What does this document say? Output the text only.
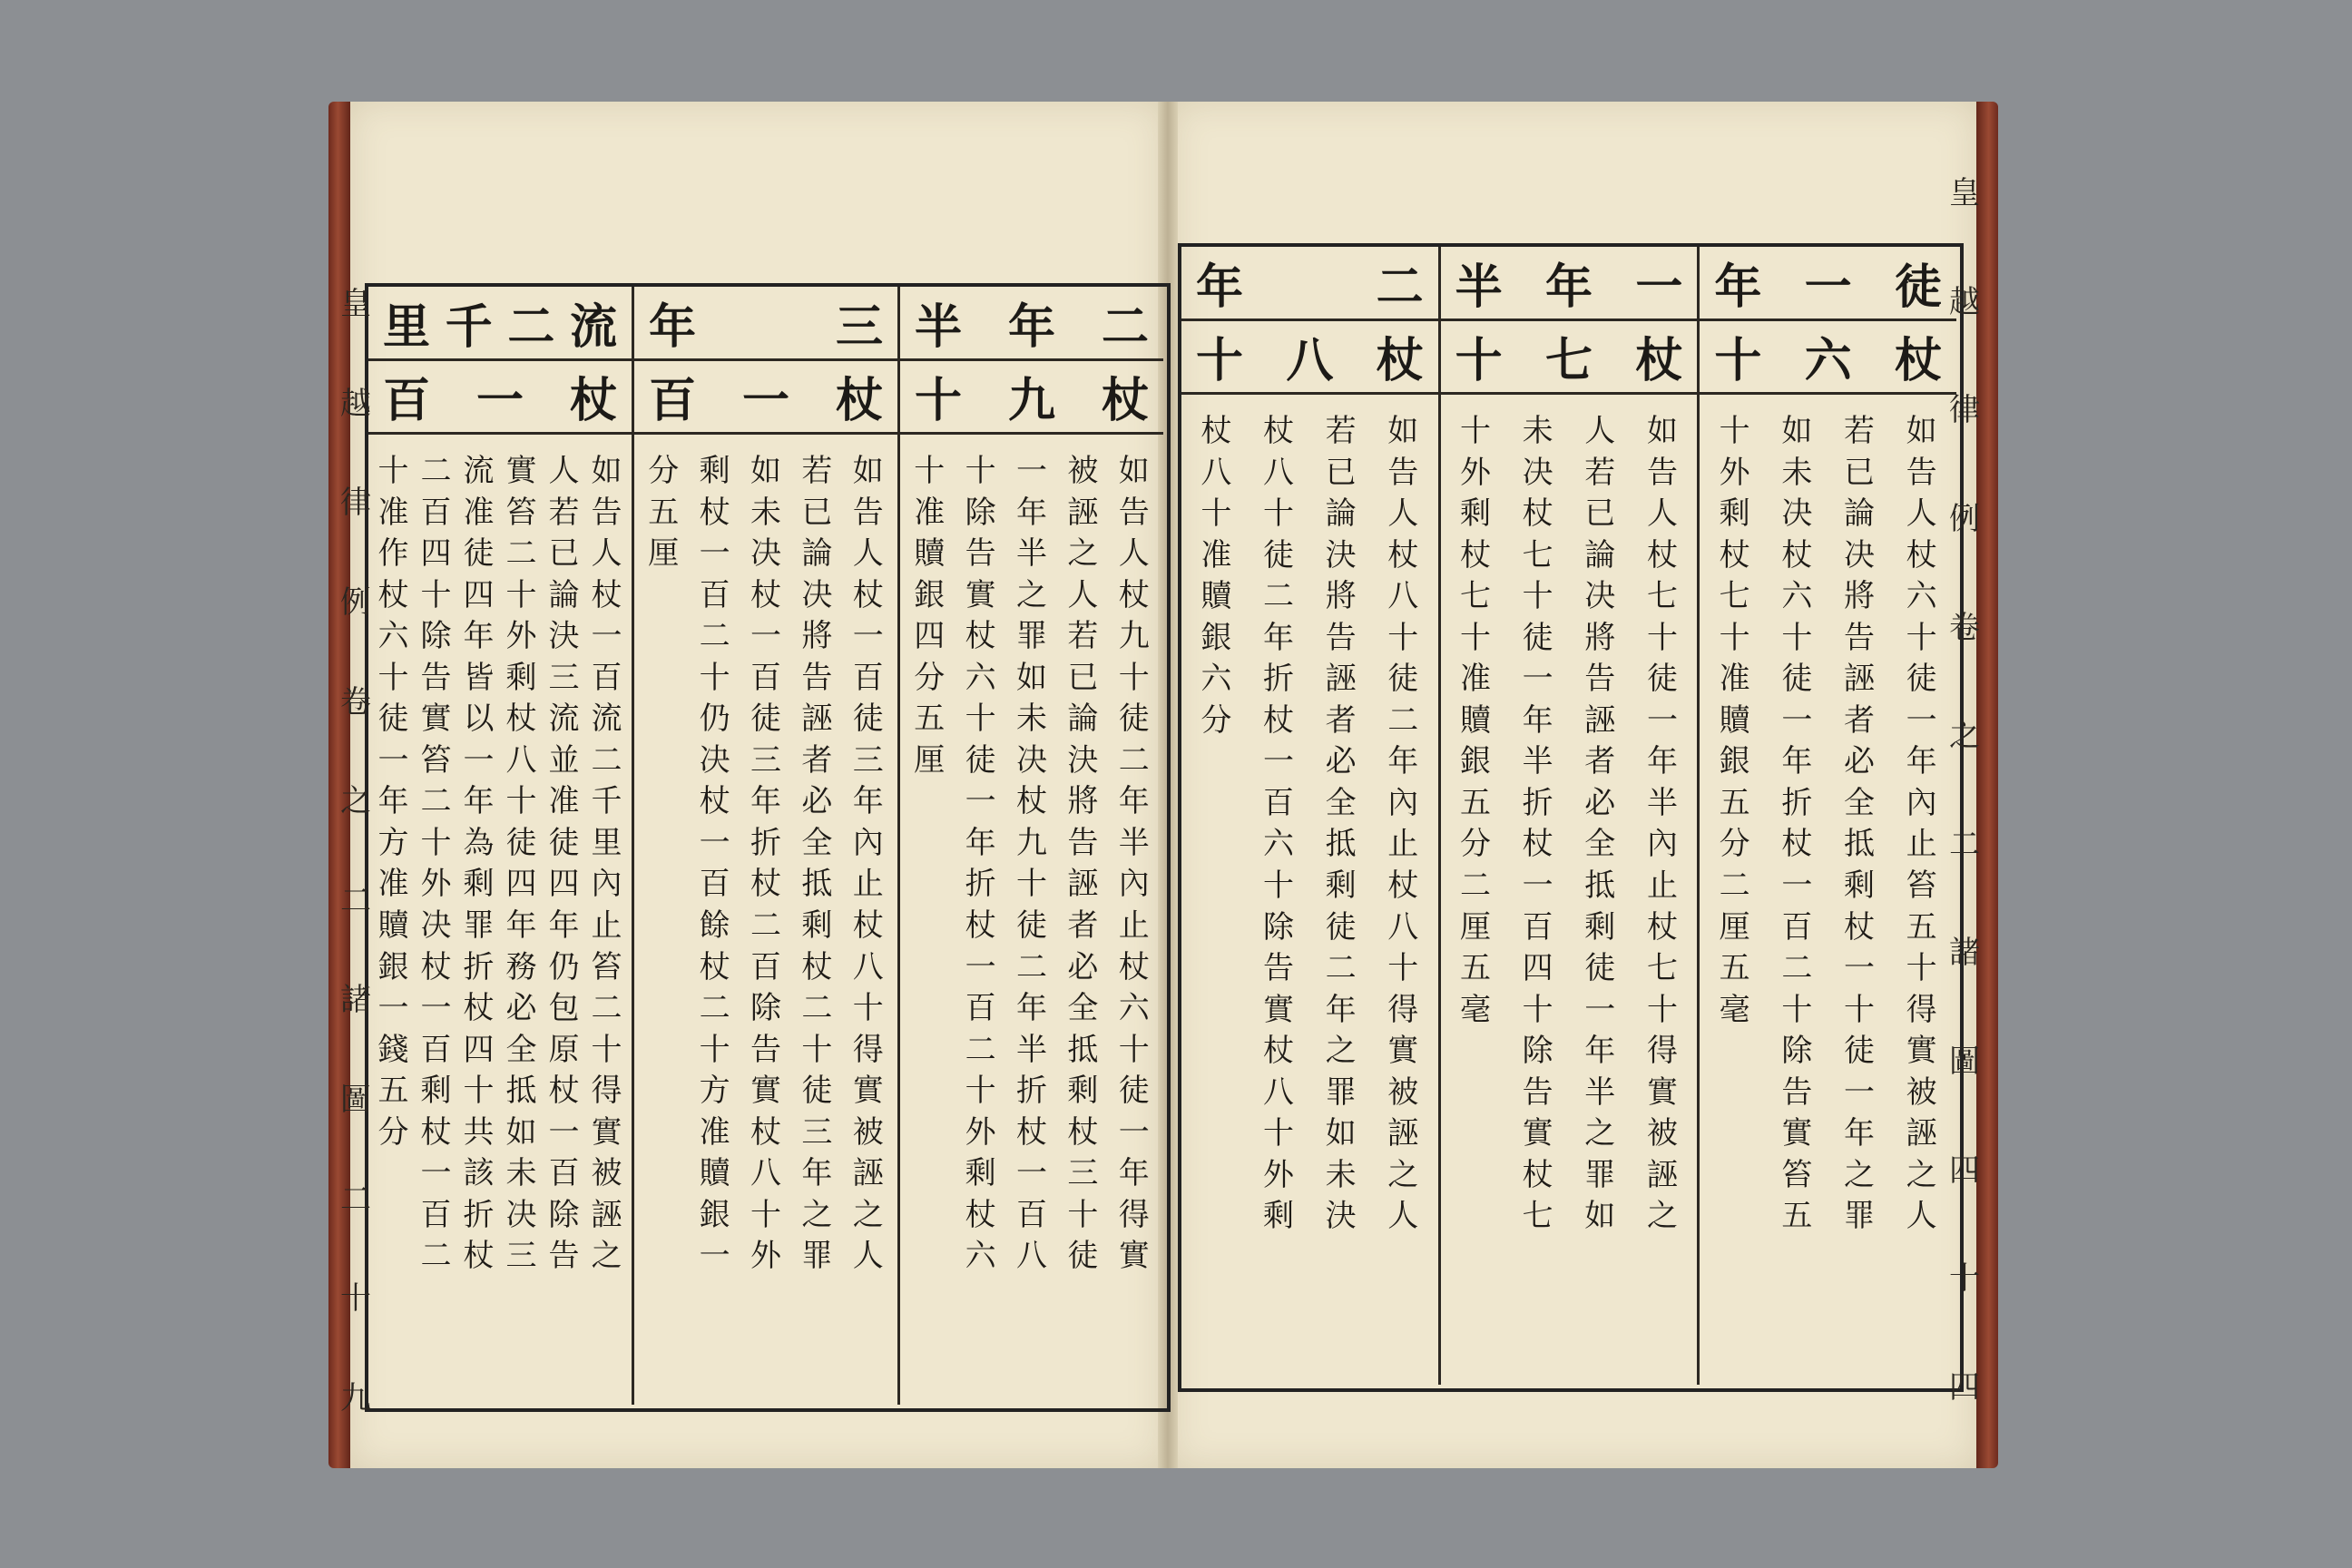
皇
越
律
例
卷
之
二
諸
圖
二
十
九
皇
越
律
例
卷
之
二
諸
圖
四
十
四
二
年
半
杖
九
十
如
告
人
杖
九
十
徒
二
年
半
內
止
杖
六
十
徒
一
年
得
實
被
誣
之
人
若
已
論
決
將
告
誣
者
必
全
抵
剩
杖
三
十
徒
一
年
半
之
罪
如
未
决
杖
九
十
徒
二
年
半
折
杖
一
百
八
十
除
告
實
杖
六
十
徒
一
年
折
杖
一
百
二
十
外
剩
杖
六
十
准
贖
銀
四
分
五
厘
三
年
杖
一
百
如
告
人
杖
一
百
徒
三
年
內
止
杖
八
十
得
實
被
誣
之
人
若
已
論
决
將
告
誣
者
必
全
抵
剩
杖
二
十
徒
三
年
之
罪
如
未
决
杖
一
百
徒
三
年
折
杖
二
百
除
告
實
杖
八
十
外
剩
杖
一
百
二
十
仍
决
杖
一
百
餘
杖
二
十
方
准
贖
銀
一
分
五
厘
流
二
千
里
杖
一
百
如
告
人
杖
一
百
流
二
千
里
內
止
笞
二
十
得
實
被
誣
之
人
若
已
論
決
三
流
並
准
徒
四
年
仍
包
原
杖
一
百
除
告
實
笞
二
十
外
剩
杖
八
十
徒
四
年
務
必
全
抵
如
未
决
三
流
准
徒
四
年
皆
以
一
年
為
剩
罪
折
杖
四
十
共
該
折
杖
二
百
四
十
除
告
實
笞
二
十
外
决
杖
一
百
剩
杖
一
百
二
十
准
作
杖
六
十
徒
一
年
方
准
贖
銀
一
錢
五
分
徒
一
年
杖
六
十
如
告
人
杖
六
十
徒
一
年
內
止
笞
五
十
得
實
被
誣
之
人
若
已
論
决
將
告
誣
者
必
全
抵
剩
杖
一
十
徒
一
年
之
罪
如
未
决
杖
六
十
徒
一
年
折
杖
一
百
二
十
除
告
實
笞
五
十
外
剩
杖
七
十
准
贖
銀
五
分
二
厘
五
毫
一
年
半
杖
七
十
如
告
人
杖
七
十
徒
一
年
半
內
止
杖
七
十
得
實
被
誣
之
人
若
已
論
决
將
告
誣
者
必
全
抵
剩
徒
一
年
半
之
罪
如
未
决
杖
七
十
徒
一
年
半
折
杖
一
百
四
十
除
告
實
杖
七
十
外
剩
杖
七
十
准
贖
銀
五
分
二
厘
五
毫
二
年
杖
八
十
如
告
人
杖
八
十
徒
二
年
內
止
杖
八
十
得
實
被
誣
之
人
若
已
論
決
將
告
誣
者
必
全
抵
剩
徒
二
年
之
罪
如
未
決
杖
八
十
徒
二
年
折
杖
一
百
六
十
除
告
實
杖
八
十
外
剩
杖
八
十
准
贖
銀
六
分
